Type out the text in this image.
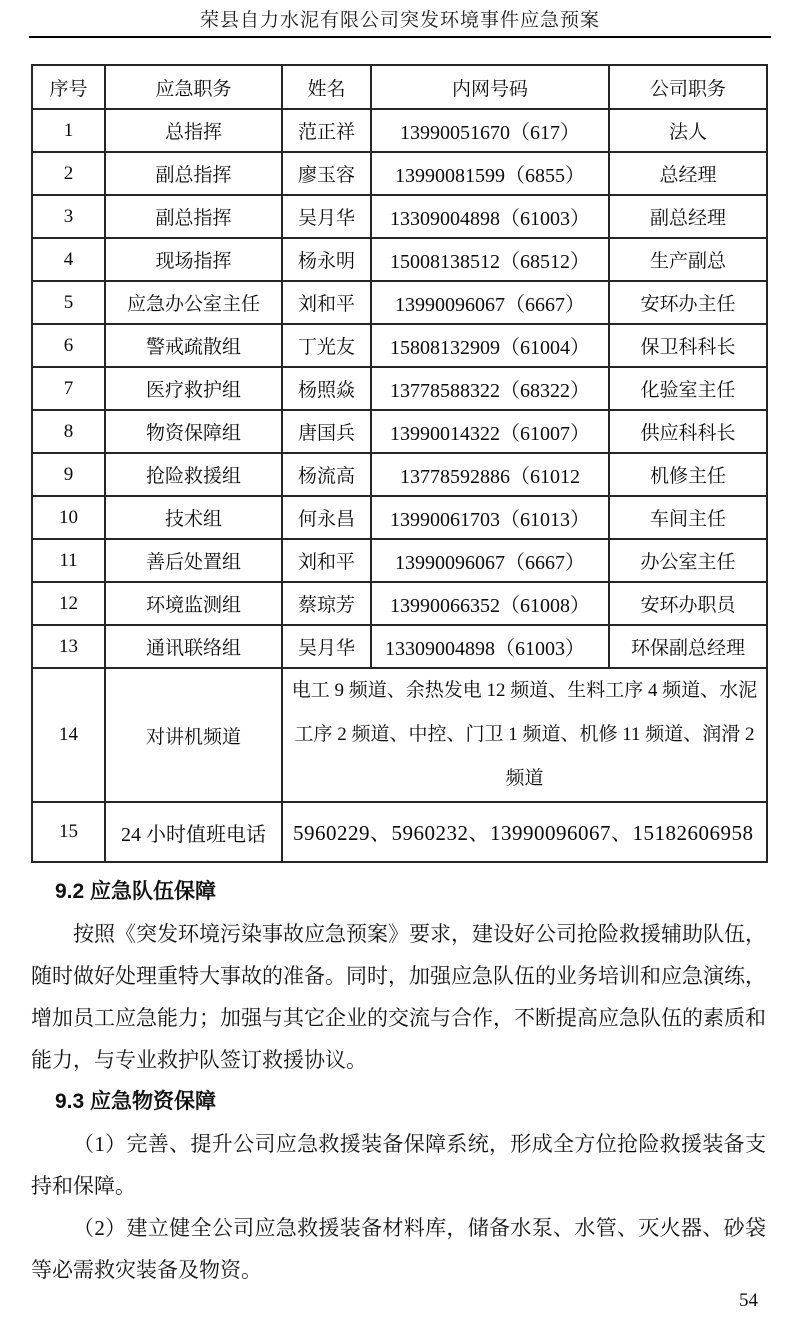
荣县自力水泥有限公司突发环境事件应急预案
序号	应急职务	姓名	内网号码	公司职务
1	总指挥	范正祥	13990051670（617）	法人
2	副总指挥	廖玉容	13990081599（6855）	总经理
3	副总指挥	吴月华	13309004898（61003）	副总经理
4	现场指挥	杨永明	15008138512（68512）	生产副总
5	应急办公室主任	刘和平	13990096067（6667）	安环办主任
6	警戒疏散组	丁光友	15808132909（61004）	保卫科科长
7	医疗救护组	杨照焱	13778588322（68322）	化验室主任
8	物资保障组	唐国兵	13990014322（61007）	供应科科长
9	抢险救援组	杨流高	13778592886（61012	机修主任
10	技术组	何永昌	13990061703（61013）	车间主任
11	善后处置组	刘和平	13990096067（6667）	办公室主任
12	环境监测组	蔡琼芳	13990066352（61008）	安环办职员
13	通讯联络组	吴月华	13309004898（61003）	环保副总经理
14	对讲机频道	电工 9 频道、余热发电 12 频道、生料工序 4 频道、水泥工序 2 频道、中控、门卫 1 频道、机修 11 频道、润滑 2 频道		
15	24 小时值班电话	5960229、5960232、13990096067、15182606958		
9.2 应急队伍保障

按照《突发环境污染事故应急预案》要求，建设好公司抢险救援辅助队伍，随时做好处理重特大事故的准备。同时，加强应急队伍的业务培训和应急演练，增加员工应急能力；加强与其它企业的交流与合作，不断提高应急队伍的素质和能力，与专业救护队签订救援协议。

9.3 应急物资保障

（1）完善、提升公司应急救援装备保障系统，形成全方位抢险救援装备支持和保障。

（2）建立健全公司应急救援装备材料库，储备水泵、水管、灭火器、砂袋等必需救灾装备及物资。

54
